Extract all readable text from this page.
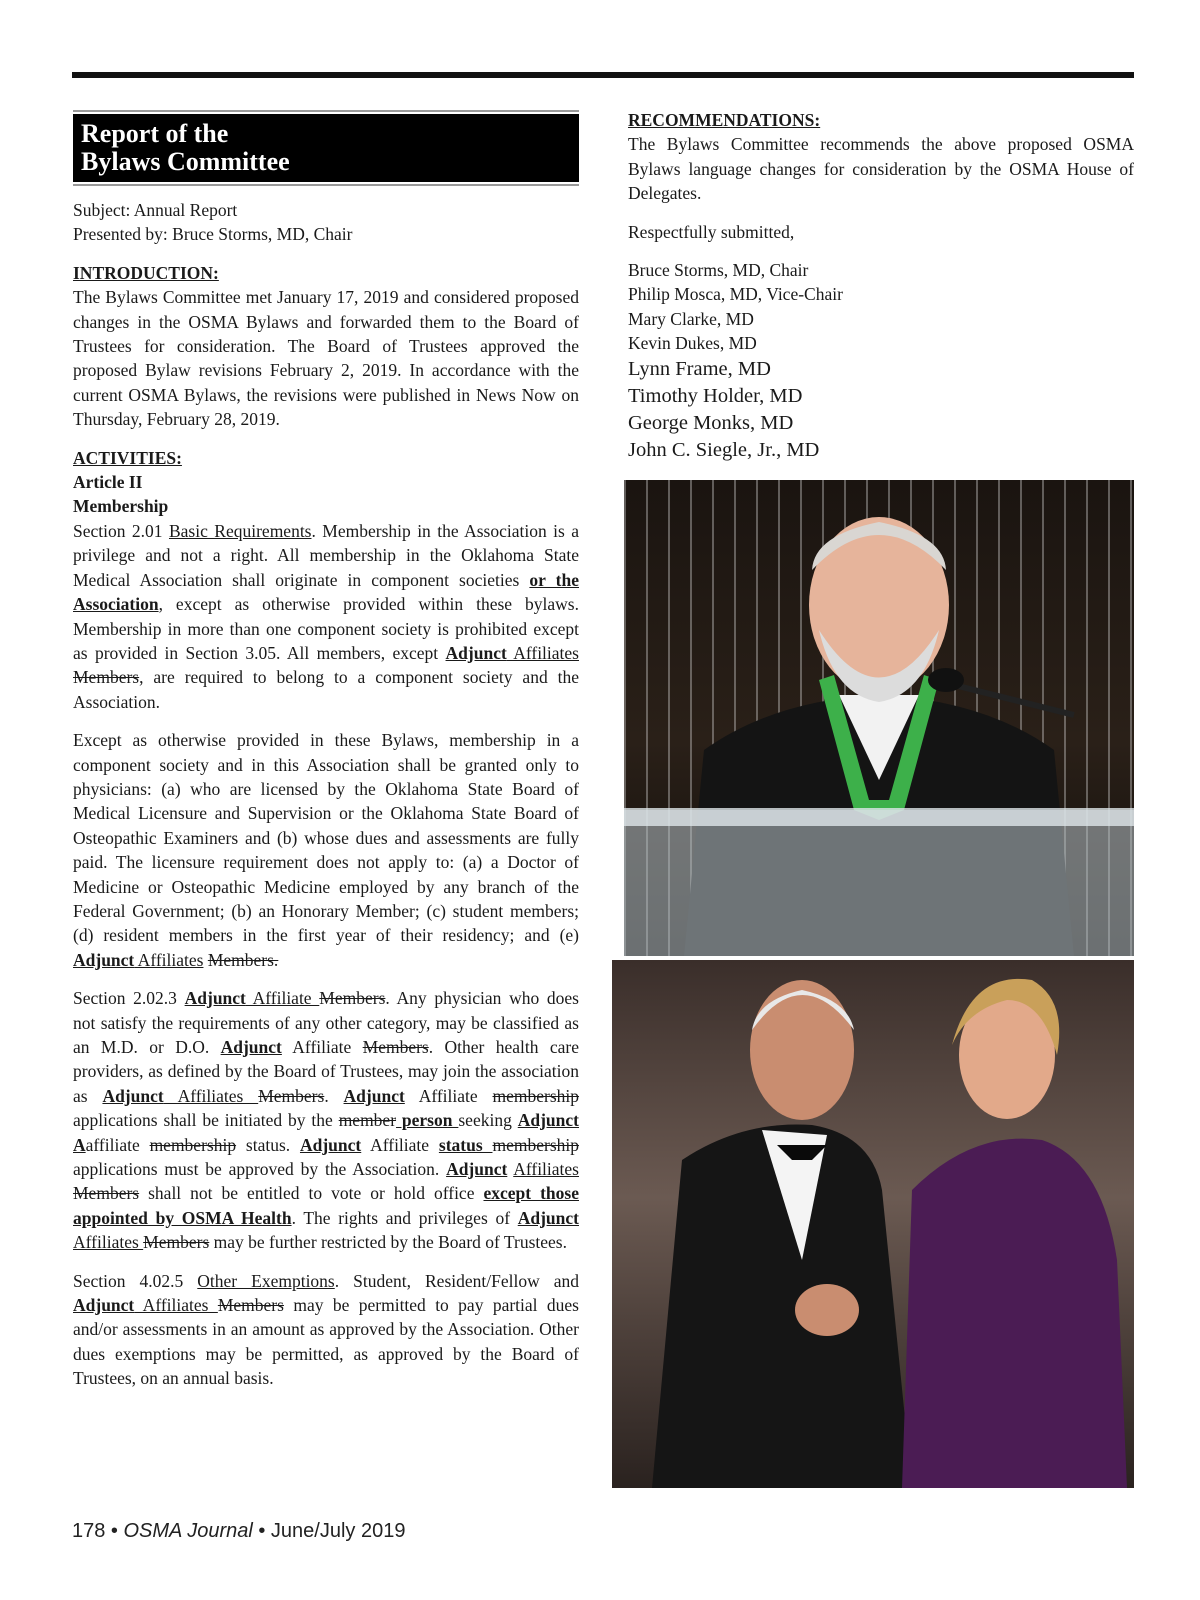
Report of the
Bylaws Committee

Subject: Annual Report

Presented by: Bruce Storms, MD, Chair

INTRODUCTION:

The Bylaws Committee met January 17, 2019 and considered proposed changes in the OSMA Bylaws and forwarded them to the Board of Trustees for consideration. The Board of Trustees approved the proposed Bylaw revisions February 2, 2019. In accordance with the current OSMA Bylaws, the revisions were published in News Now on Thursday, February 28, 2019.

ACTIVITIES:
Article II
Membership

Section 2.01 Basic Requirements. Membership in the Association is a privilege and not a right. All membership in the Oklahoma State Medical Association shall originate in component societies or the Association, except as otherwise provided within these bylaws. Membership in more than one component society is prohibited except as provided in Section 3.05. All members, except Adjunct Affiliates Members, are required to belong to a component society and the Association.

Except as otherwise provided in these Bylaws, membership in a component society and in this Association shall be granted only to physicians: (a) who are licensed by the Oklahoma State Board of Medical Licensure and Supervision or the Oklahoma State Board of Osteopathic Examiners and (b) whose dues and assessments are fully paid. The licensure requirement does not apply to: (a) a Doctor of Medicine or Osteopathic Medicine employed by any branch of the Federal Government; (b) an Honorary Member; (c) student members; (d) resident members in the first year of their residency; and (e) Adjunct Affiliates Members.

Section 2.02.3 Adjunct Affiliate Members. Any physician who does not satisfy the requirements of any other category, may be classified as an M.D. or D.O. Adjunct Affiliate Members. Other health care providers, as defined by the Board of Trustees, may join the association as Adjunct Affiliates Members. Adjunct Affiliate membership applications shall be initiated by the member person seeking Adjunct Aaffiliate membership status. Adjunct Affiliate status membership applications must be approved by the Association. Adjunct Affiliates Members shall not be entitled to vote or hold office except those appointed by OSMA Health. The rights and privileges of Adjunct Affiliates Members may be further restricted by the Board of Trustees.

Section 4.02.5 Other Exemptions. Student, Resident/Fellow and Adjunct Affiliates Members may be permitted to pay partial dues and/or assessments in an amount as approved by the Association. Other dues exemptions may be permitted, as approved by the Board of Trustees, on an annual basis.

RECOMMENDATIONS:

The Bylaws Committee recommends the above proposed OSMA Bylaws language changes for consideration by the OSMA House of Delegates.

Respectfully submitted,

Bruce Storms, MD, Chair
Philip Mosca, MD, Vice-Chair
Mary Clarke, MD
Kevin Dukes, MD
Lynn Frame, MD
Timothy Holder, MD
George Monks, MD
John C. Siegle, Jr., MD
178 • OSMA Journal • June/July 2019
